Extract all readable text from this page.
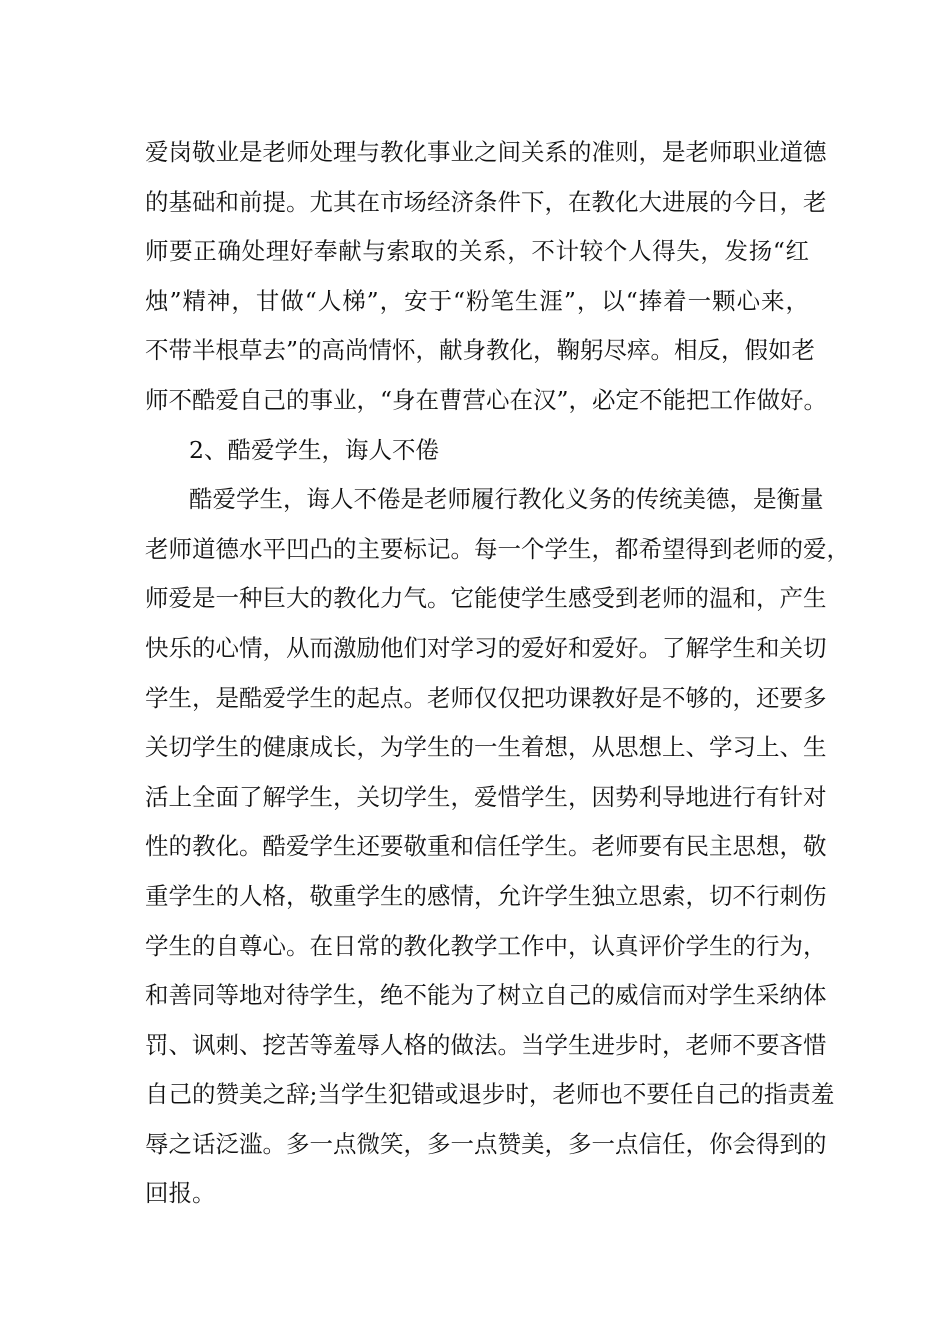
爱岗敬业是老师处理与教化事业之间关系的准则，是老师职业道德
的基础和前提。尤其在市场经济条件下，在教化大进展的今日，老
师要正确处理好奉献与索取的关系，不计较个人得失，发扬“红
烛”精神，甘做“人梯”，安于“粉笔生涯”，以“捧着一颗心来，
不带半根草去”的高尚情怀，献身教化，鞠躬尽瘁。相反，假如老
师不酷爱自己的事业，“身在曹营心在汉”，必定不能把工作做好。
2、酷爱学生，诲人不倦
酷爱学生，诲人不倦是老师履行教化义务的传统美德，是衡量
老师道德水平凹凸的主要标记。每一个学生，都希望得到老师的爱，
师爱是一种巨大的教化力气。它能使学生感受到老师的温和，产生
快乐的心情，从而激励他们对学习的爱好和爱好。了解学生和关切
学生，是酷爱学生的起点。老师仅仅把功课教好是不够的，还要多
关切学生的健康成长，为学生的一生着想，从思想上、学习上、生
活上全面了解学生，关切学生，爱惜学生，因势利导地进行有针对
性的教化。酷爱学生还要敬重和信任学生。老师要有民主思想，敬
重学生的人格，敬重学生的感情，允许学生独立思索，切不行刺伤
学生的自尊心。在日常的教化教学工作中，认真评价学生的行为，
和善同等地对待学生，绝不能为了树立自己的威信而对学生采纳体
罚、讽刺、挖苦等羞辱人格的做法。当学生进步时，老师不要吝惜
自己的赞美之辞;当学生犯错或退步时，老师也不要任自己的指责羞
辱之话泛滥。多一点微笑，多一点赞美，多一点信任，你会得到的
回报。
